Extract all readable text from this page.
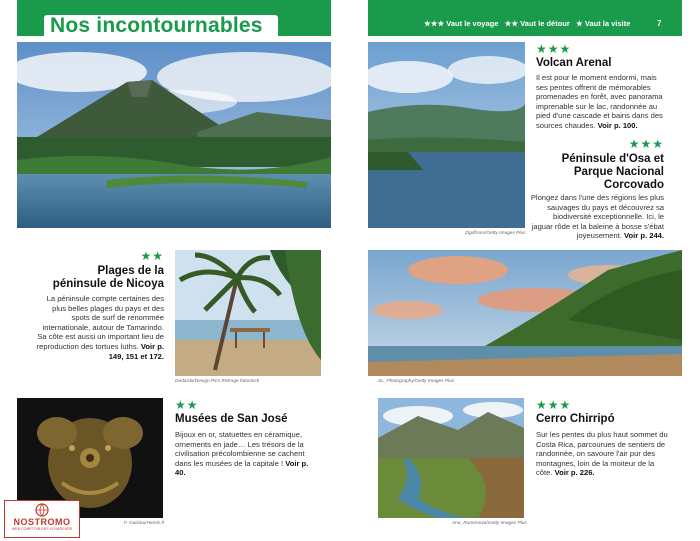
Nos incontournables	★★★ Vaut le voyage ★★ Vaut le détour ★ Vaut la visite	7
Zigdfrons/Getty Images Plus
★★★
Volcan Arenal
Il est pour le moment endormi, mais ses pentes offrent de mémorables promenades en forêt, avec panorama imprenable sur le lac, randonnée au pied d'une cascade et bains dans des sources chaudes. Voir p. 100.
★★★
Péninsule d'Osa et Parque Nacional Corcovado
Plongez dans l'une des régions les plus sauvages du pays et découvrez sa biodiversité exceptionnelle. Ici, le jaguar rôde et la baleine à bosse s'ébat joyeusement. Voir p. 244.
★★
Plages de la péninsule de Nicoya
La péninsule compte certaines des plus belles plages du pays et des spots de surf de renommée internationale, autour de Tamarindo. Sa côte est aussi un important lieu de reproduction des tortues luths. Voir p. 149, 151 et 172.
Dedarda/Design Pics RM/Age fotostock	SL_Photography/Getty Images Plus
F. Guiziou/Hemis.fr
★★
Musées de San José
Bijoux en or, statuettes en céramique, ornements en jade… Les trésors de la civilisation précolombienne se cachent dans les musées de la capitale ! Voir p. 40.
Ana_Rumenova/Getty Images Plus
★★★
Cerro Chirripó
Sur les pentes du plus haut sommet du Costa Rica, parcourues de sentiers de randonnée, on savoure l'air pur des montagnes, loin de la moiteur de la côte. Voir p. 226.
NOSTROMO
WEB COMPTOIR DES VOYAGEURS
